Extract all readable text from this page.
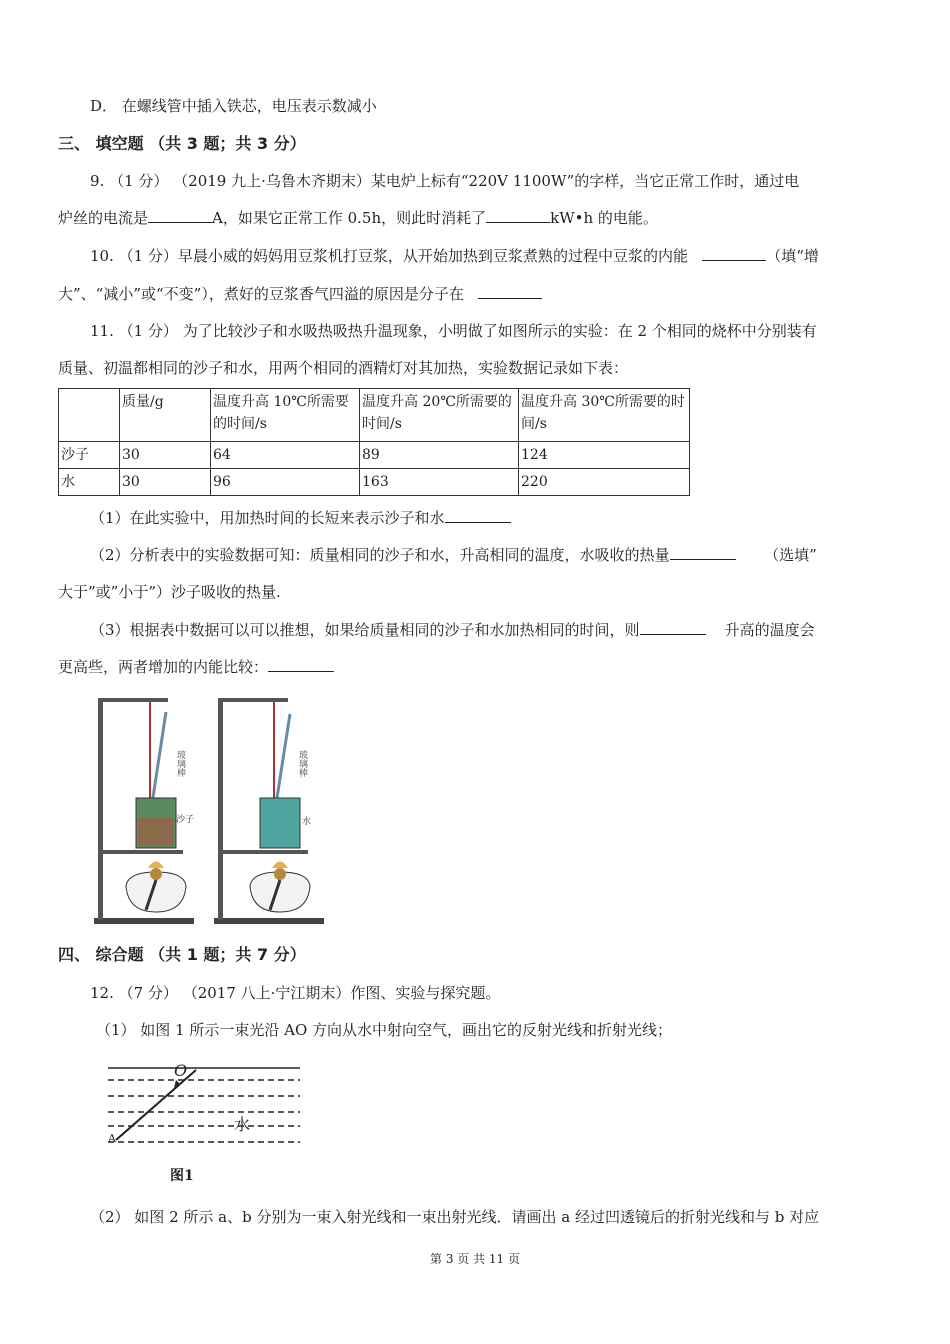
D． 在螺线管中插入铁芯，电压表示数减小
三、 填空题 （共 3 题；共 3 分）
9. （1 分） （2019 九上·乌鲁木齐期末）某电炉上标有“220V 1100W”的字样，当它正常工作时，通过电
炉丝的电流是	A，如果它正常工作 0.5h，则此时消耗了	kW•h 的电能。
10. （1 分）早晨小威的妈妈用豆浆机打豆浆，从开始加热到豆浆煮熟的过程中豆浆的内能	（填“增
大”、“减小”或“不变”），煮好的豆浆香气四溢的原因是分子在
11. （1 分） 为了比较沙子和水吸热吸热升温现象，小明做了如图所示的实验：在 2 个相同的烧杯中分别装有
质量、初温都相同的沙子和水，用两个相同的酒精灯对其加热，实验数据记录如下表：
	质量/g	温度升高 10℃所需要的时间/s	温度升高 20℃所需要的时间/s	温度升高 30℃所需要的时间/s
沙子	30	64	89	124
水	30	96	163	220
（1）在此实验中，用加热时间的长短来表示沙子和水
（2）分析表中的实验数据可知：质量相同的沙子和水，升高相同的温度，水吸收的热量	（选填”
大于”或”小于”）沙子吸收的热量.
（3）根据表中数据可以可以推想，如果给质量相同的沙子和水加热相同的时间，则	升高的温度会
更高些，两者增加的内能比较：
玻璃棒
沙子
玻璃棒
水
四、 综合题 （共 1 题；共 7 分）
12. （7 分） （2017 八上·宁江期末）作图、实验与探究题。
（1） 如图 1 所示一束光沿 AO 方向从水中射向空气，画出它的反射光线和折射光线；
O
A
水
图1
（2） 如图 2 所示 a、b 分别为一束入射光线和一束出射光线．请画出 a 经过凹透镜后的折射光线和与 b 对应
第 3 页 共 11 页
